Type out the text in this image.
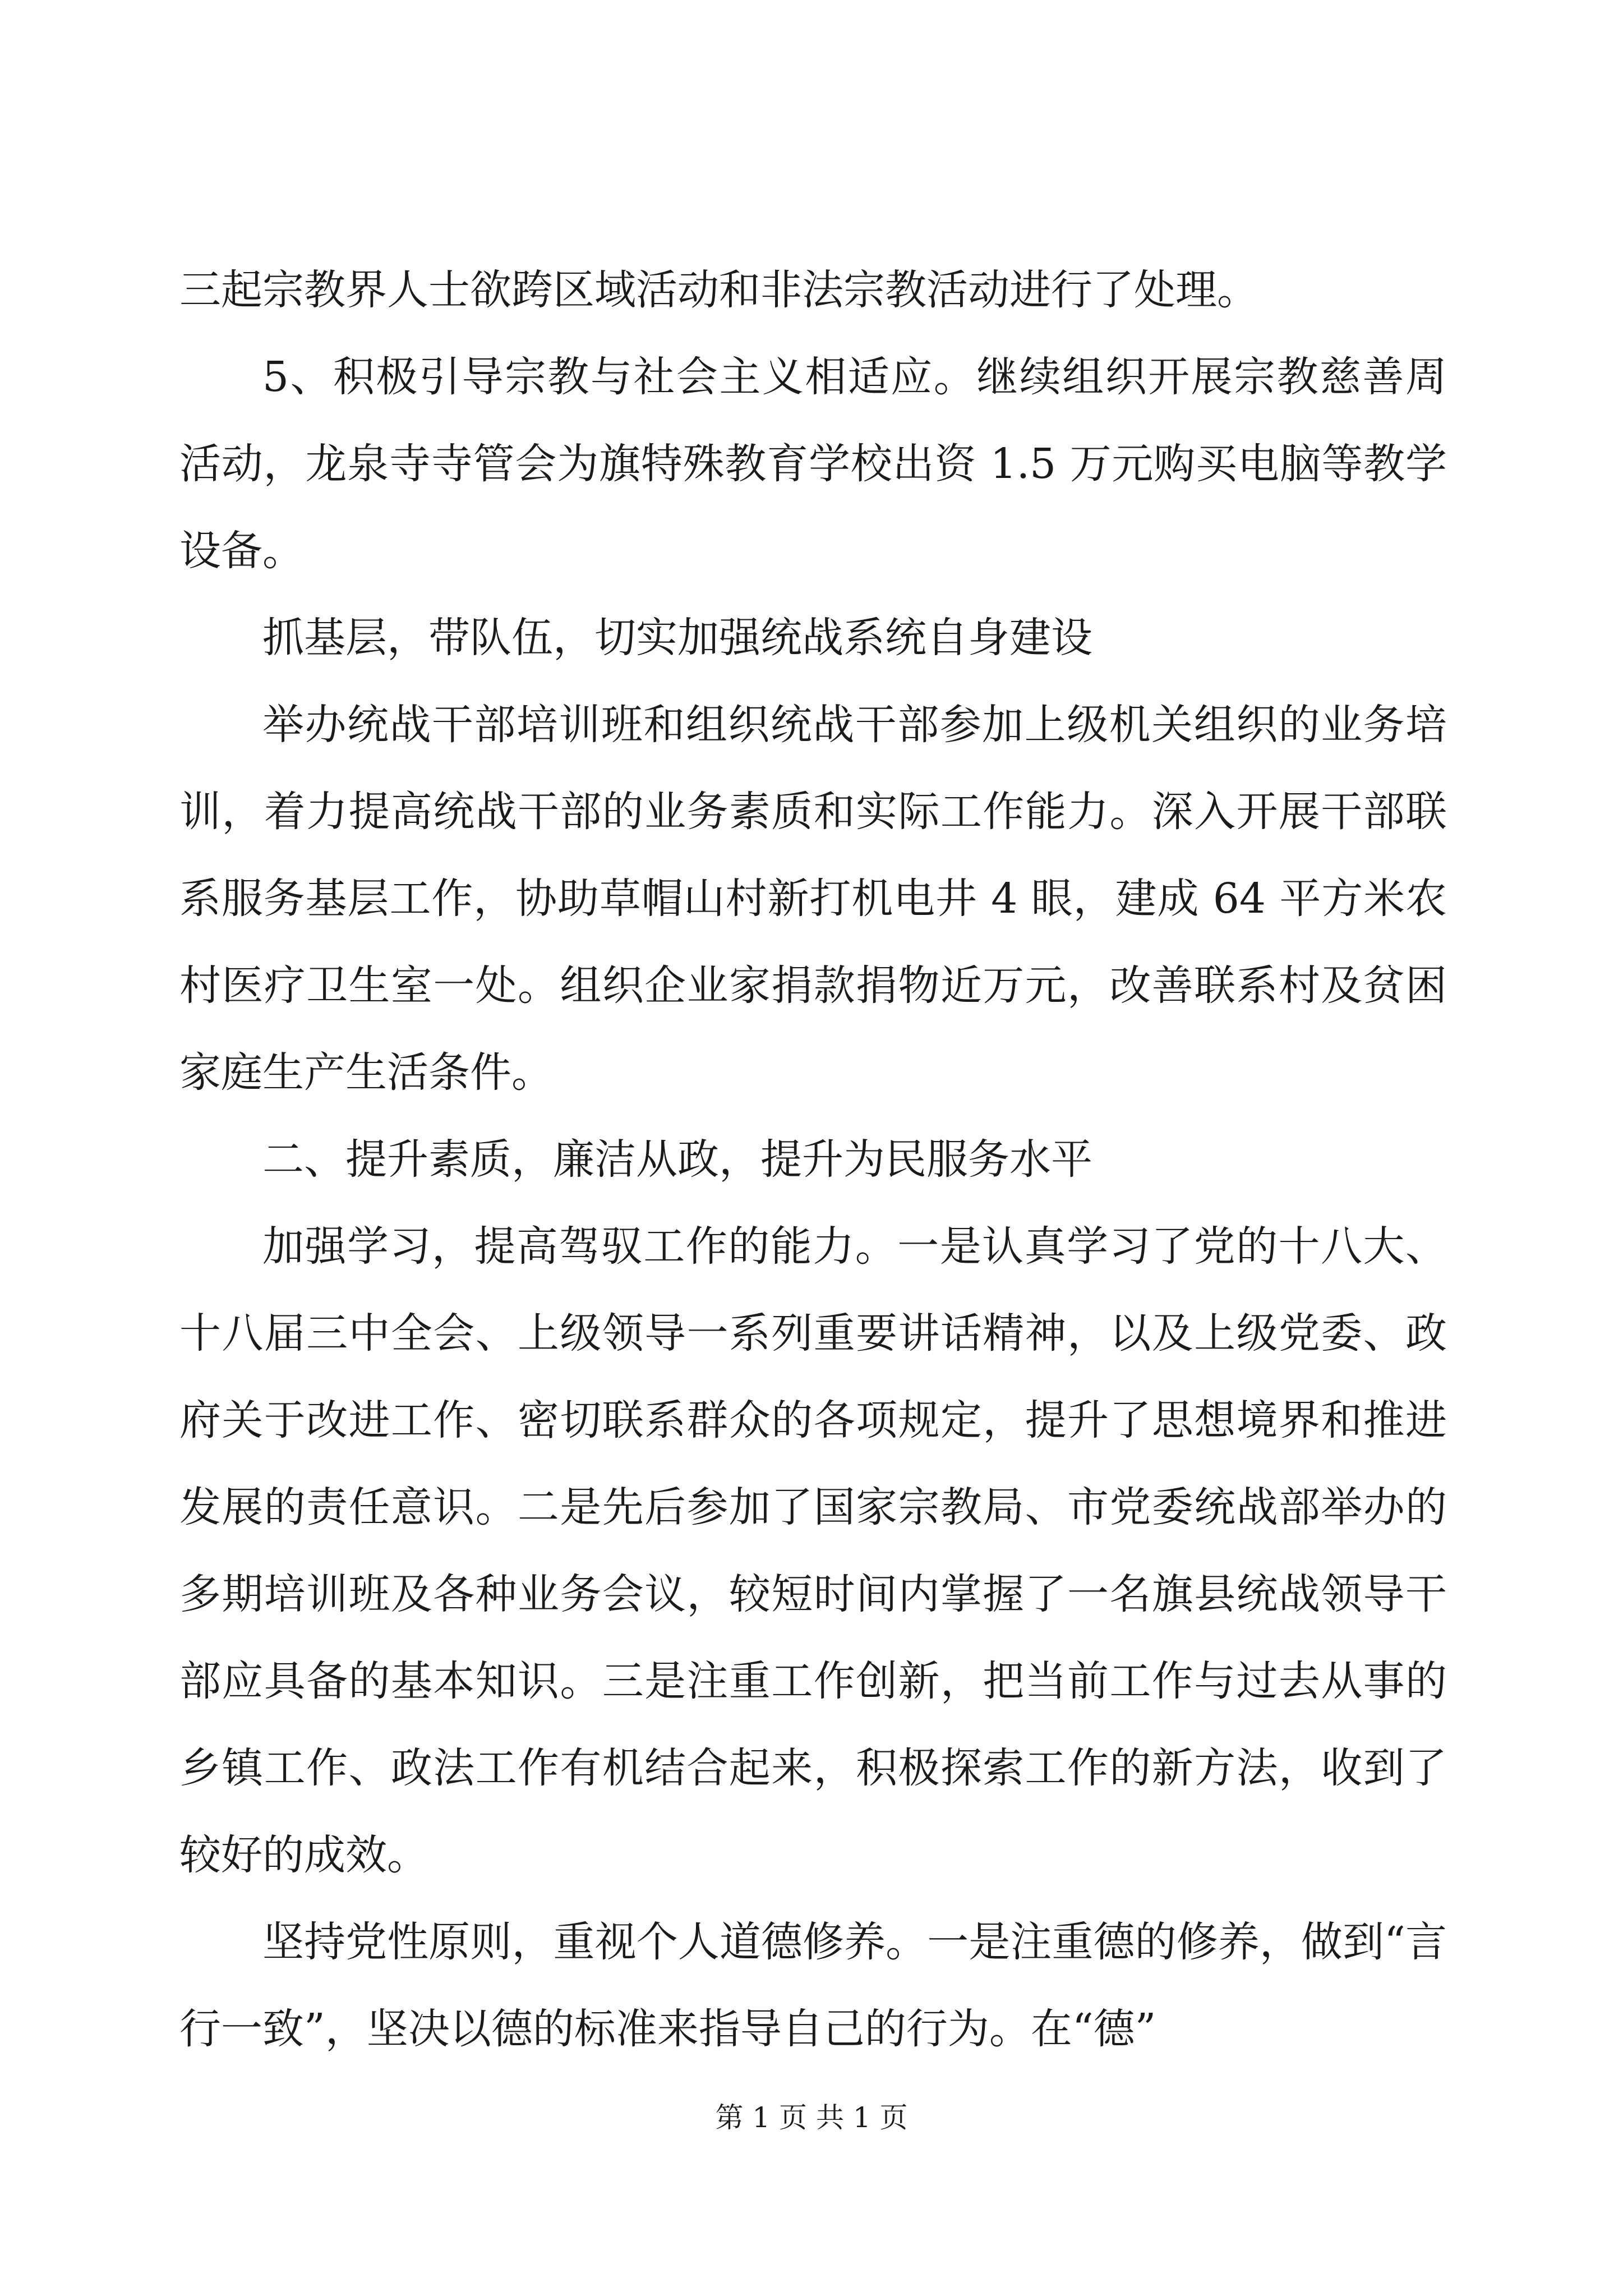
三起宗教界人士欲跨区域活动和非法宗教活动进行了处理。

5、积极引导宗教与社会主义相适应。继续组织开展宗教慈善周活动，龙泉寺寺管会为旗特殊教育学校出资 1.5 万元购买电脑等教学设备。

抓基层，带队伍，切实加强统战系统自身建设

举办统战干部培训班和组织统战干部参加上级机关组织的业务培训，着力提高统战干部的业务素质和实际工作能力。深入开展干部联系服务基层工作，协助草帽山村新打机电井 4 眼，建成 64 平方米农村医疗卫生室一处。组织企业家捐款捐物近万元，改善联系村及贫困家庭生产生活条件。

二、提升素质，廉洁从政，提升为民服务水平

加强学习，提高驾驭工作的能力。一是认真学习了党的十八大、十八届三中全会、上级领导一系列重要讲话精神，以及上级党委、政府关于改进工作、密切联系群众的各项规定，提升了思想境界和推进发展的责任意识。二是先后参加了国家宗教局、市党委统战部举办的多期培训班及各种业务会议，较短时间内掌握了一名旗县统战领导干部应具备的基本知识。三是注重工作创新，把当前工作与过去从事的乡镇工作、政法工作有机结合起来，积极探索工作的新方法，收到了较好的成效。

坚持党性原则，重视个人道德修养。一是注重德的修养，做到“言行一致”，坚决以德的标准来指导自己的行为。在“德”

第 1 页 共 1 页
